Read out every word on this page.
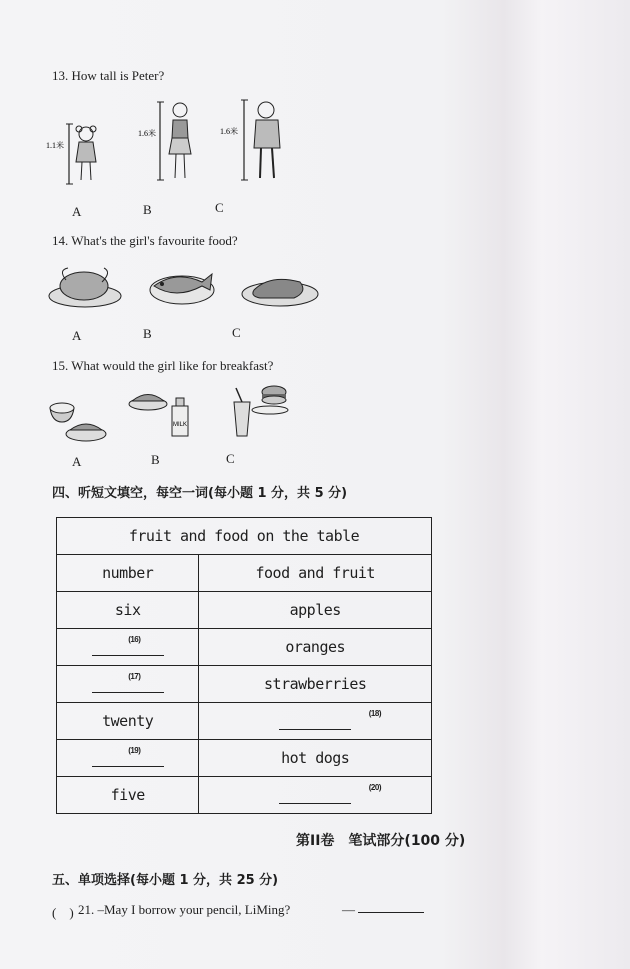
13. How tall is Peter?
1.1米
1.6米	1.6米
A	B	C
14. What's the girl's favourite food?
A	B	C
15. What would the girl like for breakfast?
MILK
A	B	C
四、听短文填空，每空一词(每小题 1 分，共 5 分)
fruit and food on the table	
number	food and fruit
six	apples

(16)	oranges

(17)	strawberries
twenty	(18)

(19)	hot dogs
five	(20)
第II卷　笔试部分(100 分)
五、单项选择(每小题 1 分，共 25 分)
(　) 21. –May I borrow your pencil, LiMing?	—
